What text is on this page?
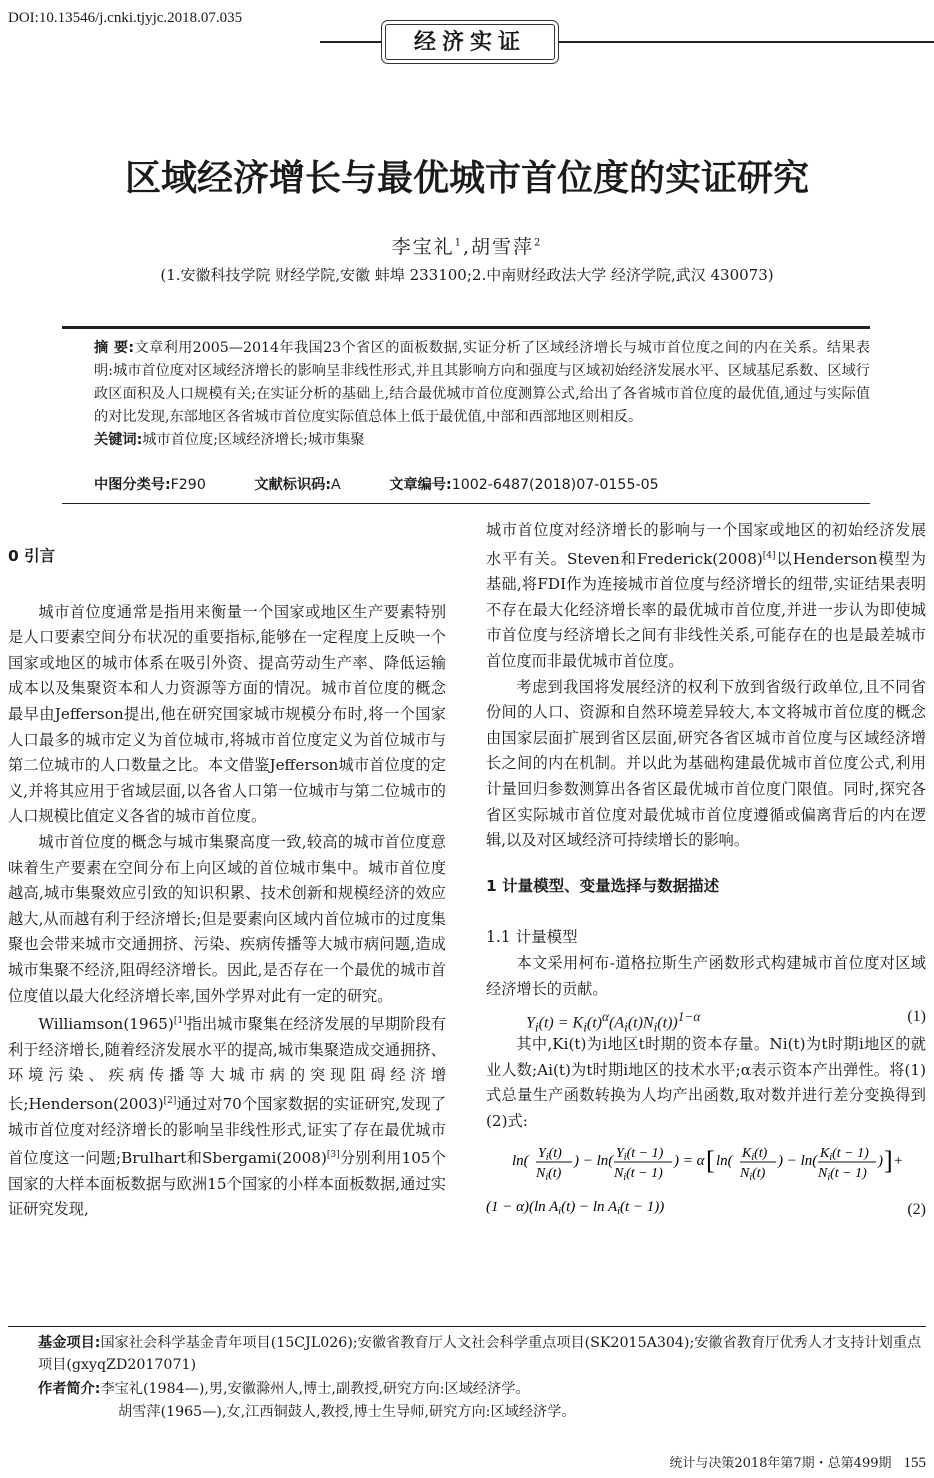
DOI:10.13546/j.cnki.tjyjc.2018.07.035
经济实证
区域经济增长与最优城市首位度的实证研究
李宝礼$^1$,胡雪萍$^2$
(1.安徽科技学院 财经学院,安徽 蚌埠 233100;2.中南财经政法大学 经济学院,武汉 430073)
摘 要:文章利用2005—2014年我国23个省区的面板数据,实证分析了区域经济增长与城市首位度之间的内在关系。结果表明:城市首位度对区域经济增长的影响呈非线性形式,并且其影响方向和强度与区域初始经济发展水平、区域基尼系数、区域行政区面积及人口规模有关;在实证分析的基础上,结合最优城市首位度测算公式,给出了各省城市首位度的最优值,通过与实际值的对比发现,东部地区各省城市首位度实际值总体上低于最优值,中部和西部地区则相反。
关键词:城市首位度;区域经济增长;城市集聚
中图分类号:F290	文献标识码:A	文章编号:1002-6487(2018)07-0155-05
0 引言

城市首位度通常是指用来衡量一个国家或地区生产要素特别是人口要素空间分布状况的重要指标,能够在一定程度上反映一个国家或地区的城市体系在吸引外资、提高劳动生产率、降低运输成本以及集聚资本和人力资源等方面的情况。城市首位度的概念最早由Jefferson提出,他在研究国家城市规模分布时,将一个国家人口最多的城市定义为首位城市,将城市首位度定义为首位城市与第二位城市的人口数量之比。本文借鉴Jefferson城市首位度的定义,并将其应用于省域层面,以各省人口第一位城市与第二位城市的人口规模比值定义各省的城市首位度。

城市首位度的概念与城市集聚高度一致,较高的城市首位度意味着生产要素在空间分布上向区域的首位城市集中。城市首位度越高,城市集聚效应引致的知识积累、技术创新和规模经济的效应越大,从而越有利于经济增长;但是要素向区域内首位城市的过度集聚也会带来城市交通拥挤、污染、疾病传播等大城市病问题,造成城市集聚不经济,阻碍经济增长。因此,是否存在一个最优的城市首位度值以最大化经济增长率,国外学界对此有一定的研究。

Williamson(1965)[1]指出城市聚集在经济发展的早期阶段有利于经济增长,随着经济发展水平的提高,城市集聚造成交通拥挤、环境污染、疾病传播等大城市病的突现阻碍经济增长;Henderson(2003)[2]通过对70个国家数据的实证研究,发现了城市首位度对经济增长的影响呈非线性形式,证实了存在最优城市首位度这一问题;Brulhart和Sbergami(2008)[3]分别利用105个国家的大样本面板数据与欧洲15个国家的小样本面板数据,通过实证研究发现,

城市首位度对经济增长的影响与一个国家或地区的初始经济发展水平有关。Steven和Frederick(2008)[4]以Henderson模型为基础,将FDI作为连接城市首位度与经济增长的纽带,实证结果表明不存在最大化经济增长率的最优城市首位度,并进一步认为即使城市首位度与经济增长之间有非线性关系,可能存在的也是最差城市首位度而非最优城市首位度。

考虑到我国将发展经济的权利下放到省级行政单位,且不同省份间的人口、资源和自然环境差异较大,本文将城市首位度的概念由国家层面扩展到省区层面,研究各省区城市首位度与区域经济增长之间的内在机制。并以此为基础构建最优城市首位度公式,利用计量回归参数测算出各省区最优城市首位度门限值。同时,探究各省区实际城市首位度对最优城市首位度遵循或偏离背后的内在逻辑,以及对区域经济可持续增长的影响。

1 计量模型、变量选择与数据描述
1.1 计量模型

本文采用柯布-道格拉斯生产函数形式构建城市首位度对区域经济增长的贡献。

$Y_i(t) = K_i(t)^\alpha(A_i(t)N_i(t))^{1-\alpha}$	(1)

其中,Ki(t)为i地区t时期的资本存量。Ni(t)为t时期i地区的就业人数;Ai(t)为t时期i地区的技术水平;α表示资本产出弹性。将(1)式总量生产函数转换为人均产出函数,取对数并进行差分变换得到(2)式:

ln( $Y_i(t)$
$N_i(t)$
) − ln( $Y_i(t - 1)$
$N_i(t - 1)$
) = α [ ln( $K_i(t)$
$N_i(t)$
) − ln( $K_i(t - 1)$
$N_i(t - 1)$
) ] +
(1 − α)(ln $A_i(t) - \ln A_i(t - 1)$)	(2)
基金项目:国家社会科学基金青年项目(15CJL026);安徽省教育厅人文社会科学重点项目(SK2015A304);安徽省教育厅优秀人才支持计划重点项目(gxyqZD2017071)
作者简介:李宝礼(1984—),男,安徽滁州人,博士,副教授,研究方向:区域经济学。
胡雪萍(1965—),女,江西铜鼓人,教授,博士生导师,研究方向:区域经济学。
统计与决策2018年第7期・总第499期 155
